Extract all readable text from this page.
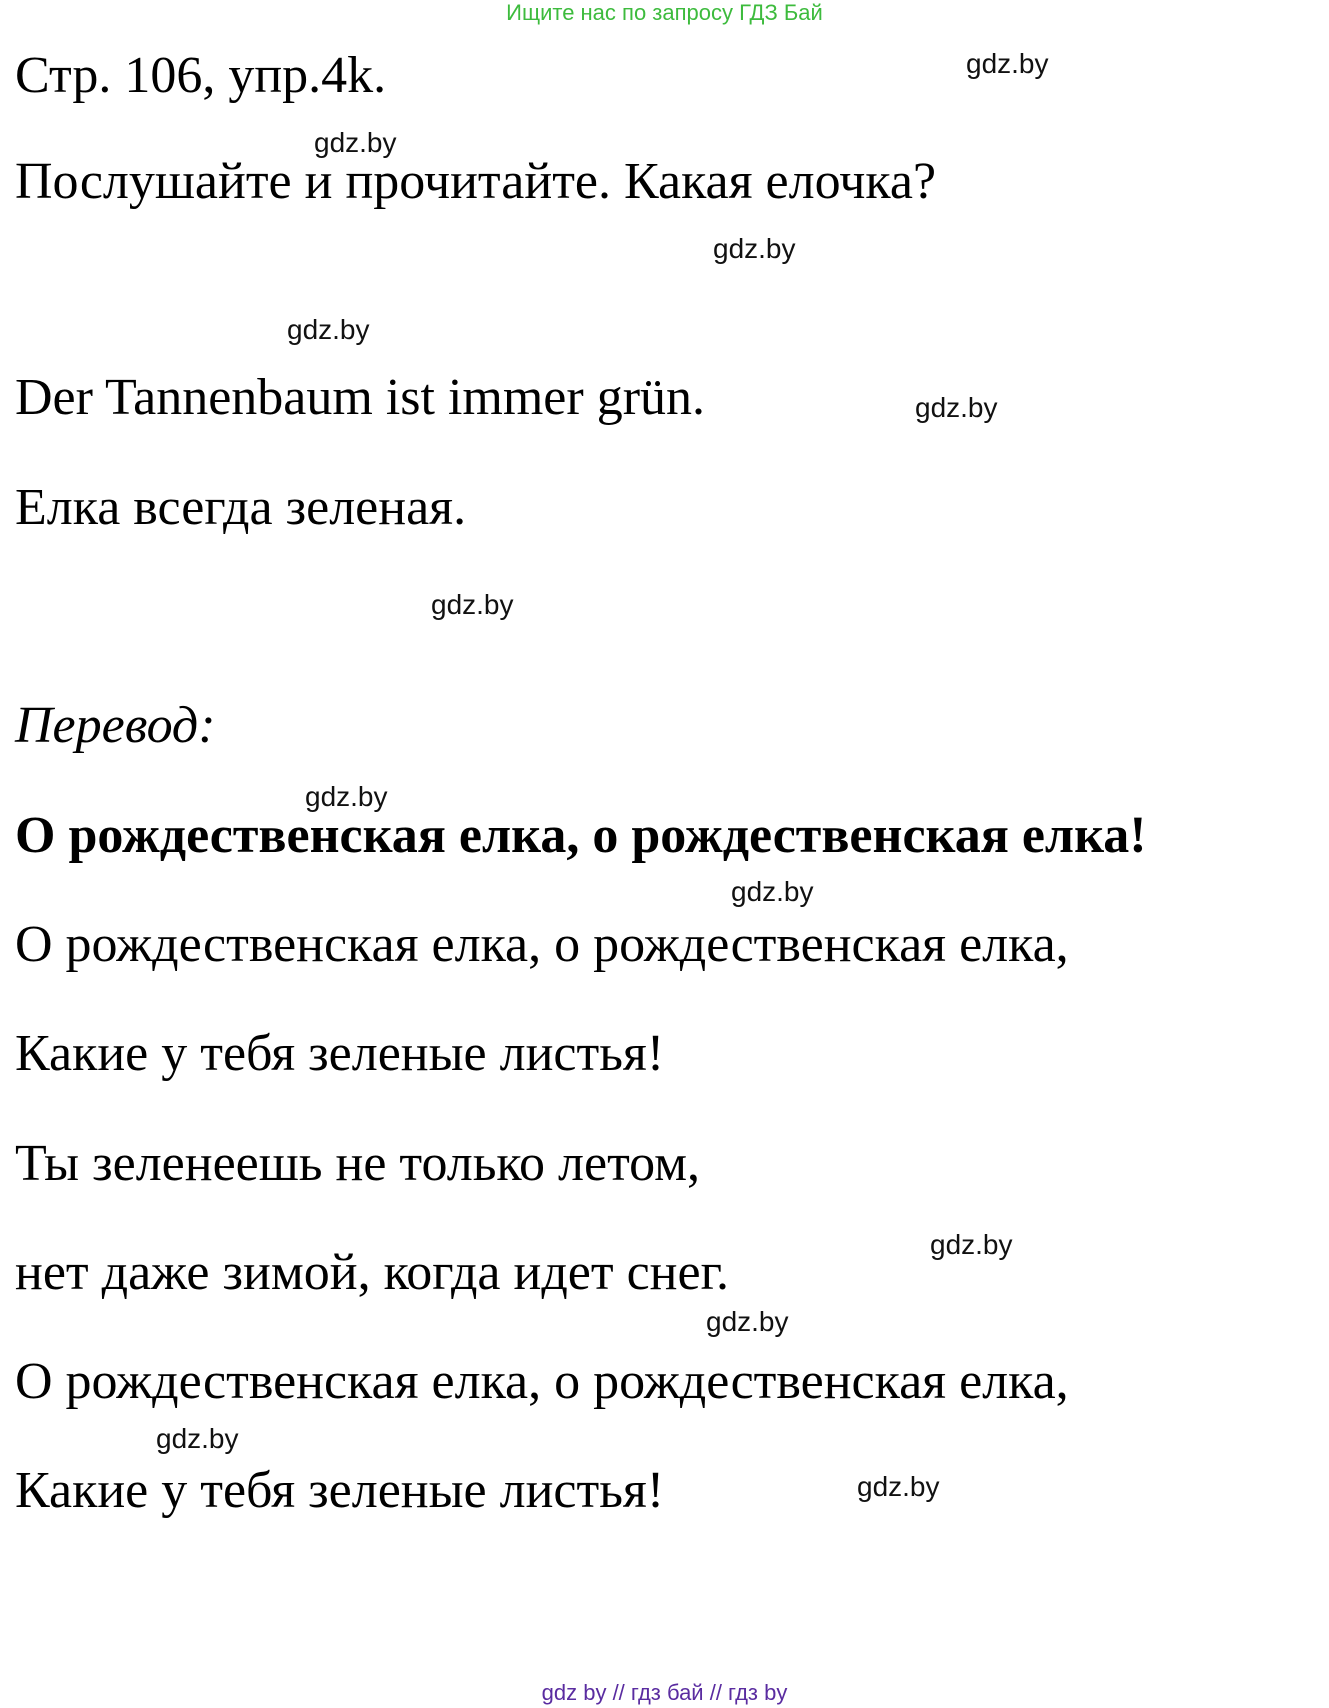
Ищите нас по запросу ГДЗ Бай

Стр. 106, упр.4k.

Послушайте и прочитайте. Какая елочка?

Der Tannenbaum ist immer grün.

Елка всегда зеленая.

Перевод:

О рождественская елка, о рождественская елка!

О рождественская елка, о рождественская елка,

Какие у тебя зеленые листья!

Ты зеленеешь не только летом,

нет даже зимой, когда идет снег.

О рождественская елка, о рождественская елка,

Какие у тебя зеленые листья!

gdz.by
gdz.by
gdz.by
gdz.by
gdz.by
gdz.by
gdz.by
gdz.by
gdz.by
gdz.by
gdz.by
gdz.by
gdz by // гдз бай // гдз by
